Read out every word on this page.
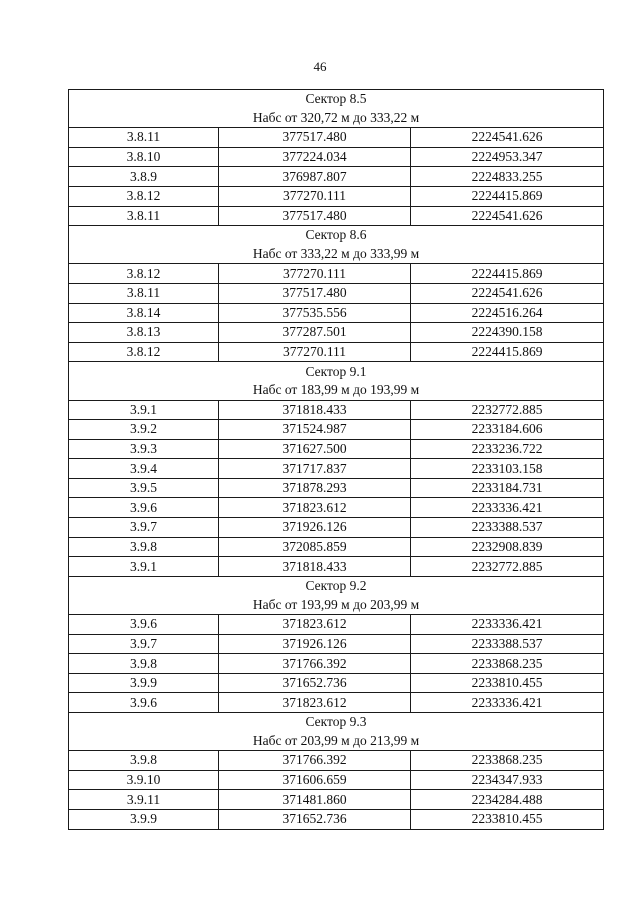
46
Сектор 8.5		
Набс от 320,72 м до 333,22 м		
3.8.11	377517.480	2224541.626
3.8.10	377224.034	2224953.347
3.8.9	376987.807	2224833.255
3.8.12	377270.111	2224415.869
3.8.11	377517.480	2224541.626
Сектор 8.6		
Набс от 333,22 м до 333,99 м		
3.8.12	377270.111	2224415.869
3.8.11	377517.480	2224541.626
3.8.14	377535.556	2224516.264
3.8.13	377287.501	2224390.158
3.8.12	377270.111	2224415.869
Сектор 9.1		
Набс от 183,99 м до 193,99 м		
3.9.1	371818.433	2232772.885
3.9.2	371524.987	2233184.606
3.9.3	371627.500	2233236.722
3.9.4	371717.837	2233103.158
3.9.5	371878.293	2233184.731
3.9.6	371823.612	2233336.421
3.9.7	371926.126	2233388.537
3.9.8	372085.859	2232908.839
3.9.1	371818.433	2232772.885
Сектор 9.2		
Набс от 193,99 м до 203,99 м		
3.9.6	371823.612	2233336.421
3.9.7	371926.126	2233388.537
3.9.8	371766.392	2233868.235
3.9.9	371652.736	2233810.455
3.9.6	371823.612	2233336.421
Сектор 9.3		
Набс от 203,99 м до 213,99 м		
3.9.8	371766.392	2233868.235
3.9.10	371606.659	2234347.933
3.9.11	371481.860	2234284.488
3.9.9	371652.736	2233810.455
